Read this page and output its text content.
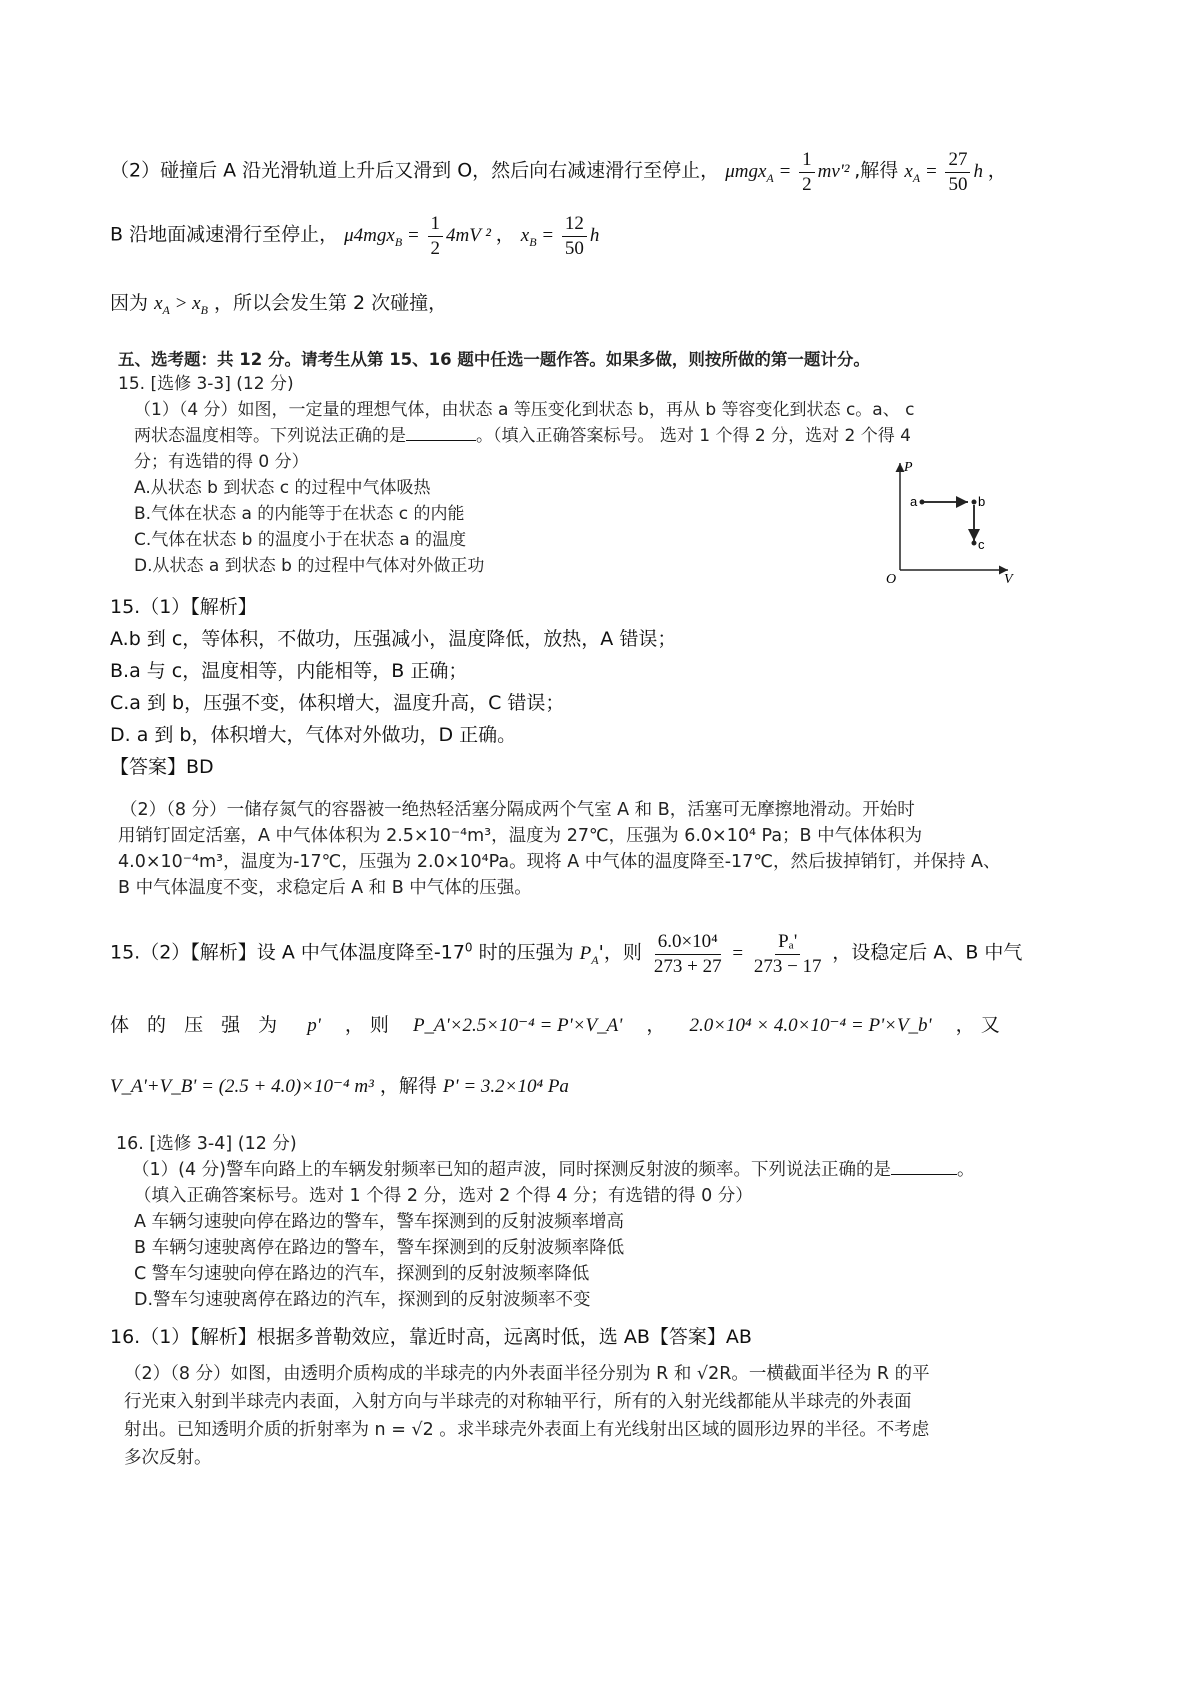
（2）碰撞后 A 沿光滑轨道上升后又滑到 O，然后向右减速滑行至停止， $\mu mgx_A = \frac{1}{2} mv'^2$ ,解得 $x_A = \frac{27}{50}$ h ，
B 沿地面减速滑行至停止， $\mu 4mgx_B = \frac{1}{2} 4mV$ ² ， $x_B = \frac{12}{50}$ h
因为 $x_A > x_B$ ，所以会发生第 2 次碰撞，
五、选考题：共 12 分。请考生从第 15、16 题中任选一题作答。如果多做，则按所做的第一题计分。
15. [选修 3-3] (12 分)
（1）（4 分）如图，一定量的理想气体，由状态 a 等压变化到状态 b，再从 b 等容变化到状态 c。a、 c
两状态温度相等。下列说法正确的是	。（填入正确答案标号。 选对 1 个得 2 分，选对 2 个得 4
分；有选错的得 0 分）
A.从状态 b 到状态 c 的过程中气体吸热
B.气体在状态 a 的内能等于在状态 c 的内能
C.气体在状态 b 的温度小于在状态 a 的温度
D.从状态 a 到状态 b 的过程中气体对外做正功
P
V
O
a	b
c
15.（1）【解析】
A.b 到 c，等体积，不做功，压强减小，温度降低，放热，A 错误；
B.a 与 c，温度相等，内能相等，B 正确；
C.a 到 b，压强不变，体积增大，温度升高，C 错误；
D. a 到 b，体积增大，气体对外做功，D 正确。
【答案】BD
（2）（8 分）一储存氮气的容器被一绝热轻活塞分隔成两个气室 A 和 B，活塞可无摩擦地滑动。开始时
用销钉固定活塞，A 中气体体积为 2.5×10⁻⁴m³，温度为 27℃，压强为 6.0×10⁴ Pa；B 中气体体积为
4.0×10⁻⁴m³，温度为-17℃，压强为 2.0×10⁴Pa。现将 A 中气体的温度降至-17℃，然后拔掉销钉，并保持 A、
B 中气体温度不变，求稳定后 A 和 B 中气体的压强。
15.（2）【解析】设 A 中气体温度降至$-17^0$ 时的压强为 $P_A'$，则 $\frac{\text{6.0×10⁴}}{273 + 27} = \frac{\text{Pₐ'}}{273 - 17}$ ，设稳定后 A、B 中气
体 的 压 强 为 p' ， 则 P_A'×2.5×10⁻⁴ = P'×V_A' ， 2.0×10⁴ × 4.0×10⁻⁴ = P'×V_b' ， 又
V_A'+V_B' = (2.5 + 4.0)×10⁻⁴ m³ ，解得 P' = 3.2×10⁴ Pa
16. [选修 3-4] (12 分)
（1）(4 分)警车向路上的车辆发射频率已知的超声波，同时探测反射波的频率。下列说法正确的是	。
（填入正确答案标号。选对 1 个得 2 分，选对 2 个得 4 分；有选错的得 0 分）
A 车辆匀速驶向停在路边的警车，警车探测到的反射波频率增高
B 车辆匀速驶离停在路边的警车，警车探测到的反射波频率降低
C 警车匀速驶向停在路边的汽车，探测到的反射波频率降低
D.警车匀速驶离停在路边的汽车，探测到的反射波频率不变
16.（1）【解析】根据多普勒效应，靠近时高，远离时低，选 AB【答案】AB
（2）（8 分）如图，由透明介质构成的半球壳的内外表面半径分别为 R 和 √2R。一横截面半径为 R 的平
行光束入射到半球壳内表面，入射方向与半球壳的对称轴平行，所有的入射光线都能从半球壳的外表面
射出。已知透明介质的折射率为 n = √2 。求半球壳外表面上有光线射出区域的圆形边界的半径。不考虑
多次反射。
